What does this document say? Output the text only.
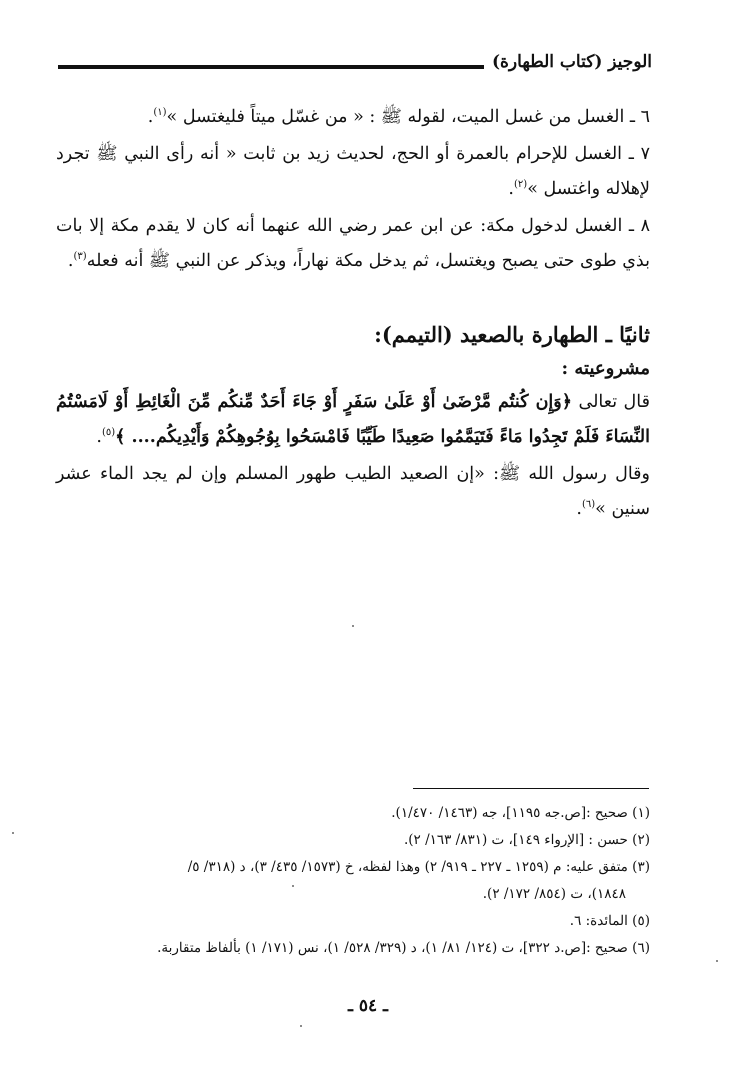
الوجيز (كتاب الطهارة)

٦ ـ الغسل من غسل الميت، لقوله ﷺ : « من غسّل ميتاً فليغتسل »$^{(١)}$.

٧ ـ الغسل للإحرام بالعمرة أو الحج، لحديث زيد بن ثابت « أنه رأى النبي ﷺ تجرد لإهلاله واغتسل »$^{(٢)}$.

٨ ـ الغسل لدخول مكة: عن ابن عمر رضي الله عنهما أنه كان لا يقدم مكة إلا بات بذي طوى حتى يصبح ويغتسل، ثم يدخل مكة نهاراً، ويذكر عن النبي ﷺ أنه فعله$^{(٣)}$.

ثانيًا ـ الطهارة بالصعيد (التيمم):

مشروعيته :

قال تعالى ﴿وَإِن كُنتُم مَّرْضَىٰ أَوْ عَلَىٰ سَفَرٍ أَوْ جَاءَ أَحَدٌ مِّنكُم مِّنَ الْغَائِطِ أَوْ لَامَسْتُمُ النِّسَاءَ فَلَمْ تَجِدُوا مَاءً فَتَيَمَّمُوا صَعِيدًا طَيِّبًا فَامْسَحُوا بِوُجُوهِكُمْ وَأَيْدِيكُم.... ﴾$^{(٥)}$.

وقال رسول الله ﷺ: «إن الصعيد الطيب طهور المسلم وإن لم يجد الماء عشر سنين »$^{(٦)}$.

(١) صحيح :[ص.جه ١١٩٥]، جه (١٤٦٣/ ١/٤٧٠).

(٢) حسن : [الإرواء ١٤٩]، ت (٨٣١/ ١٦٣/ ٢).

(٣) متفق عليه: م (١٢٥٩ ـ ٢٢٧ ـ ٩١٩/ ٢) وهذا لفظه، خ (١٥٧٣/ ٤٣٥/ ٣)، د (٣١٨/ ٥/

١٨٤٨)، ت (٨٥٤/ ١٧٢/ ٢).

(٥) المائدة: ٦.

(٦) صحيح :[ص.د ٣٢٢]، ت (١٢٤/ ٨١/ ١)، د (٣٢٩/ ٥٢٨/ ١)، نس (١٧١/ ١) بألفاظ متقاربة.

ـ ٥٤ ـ
